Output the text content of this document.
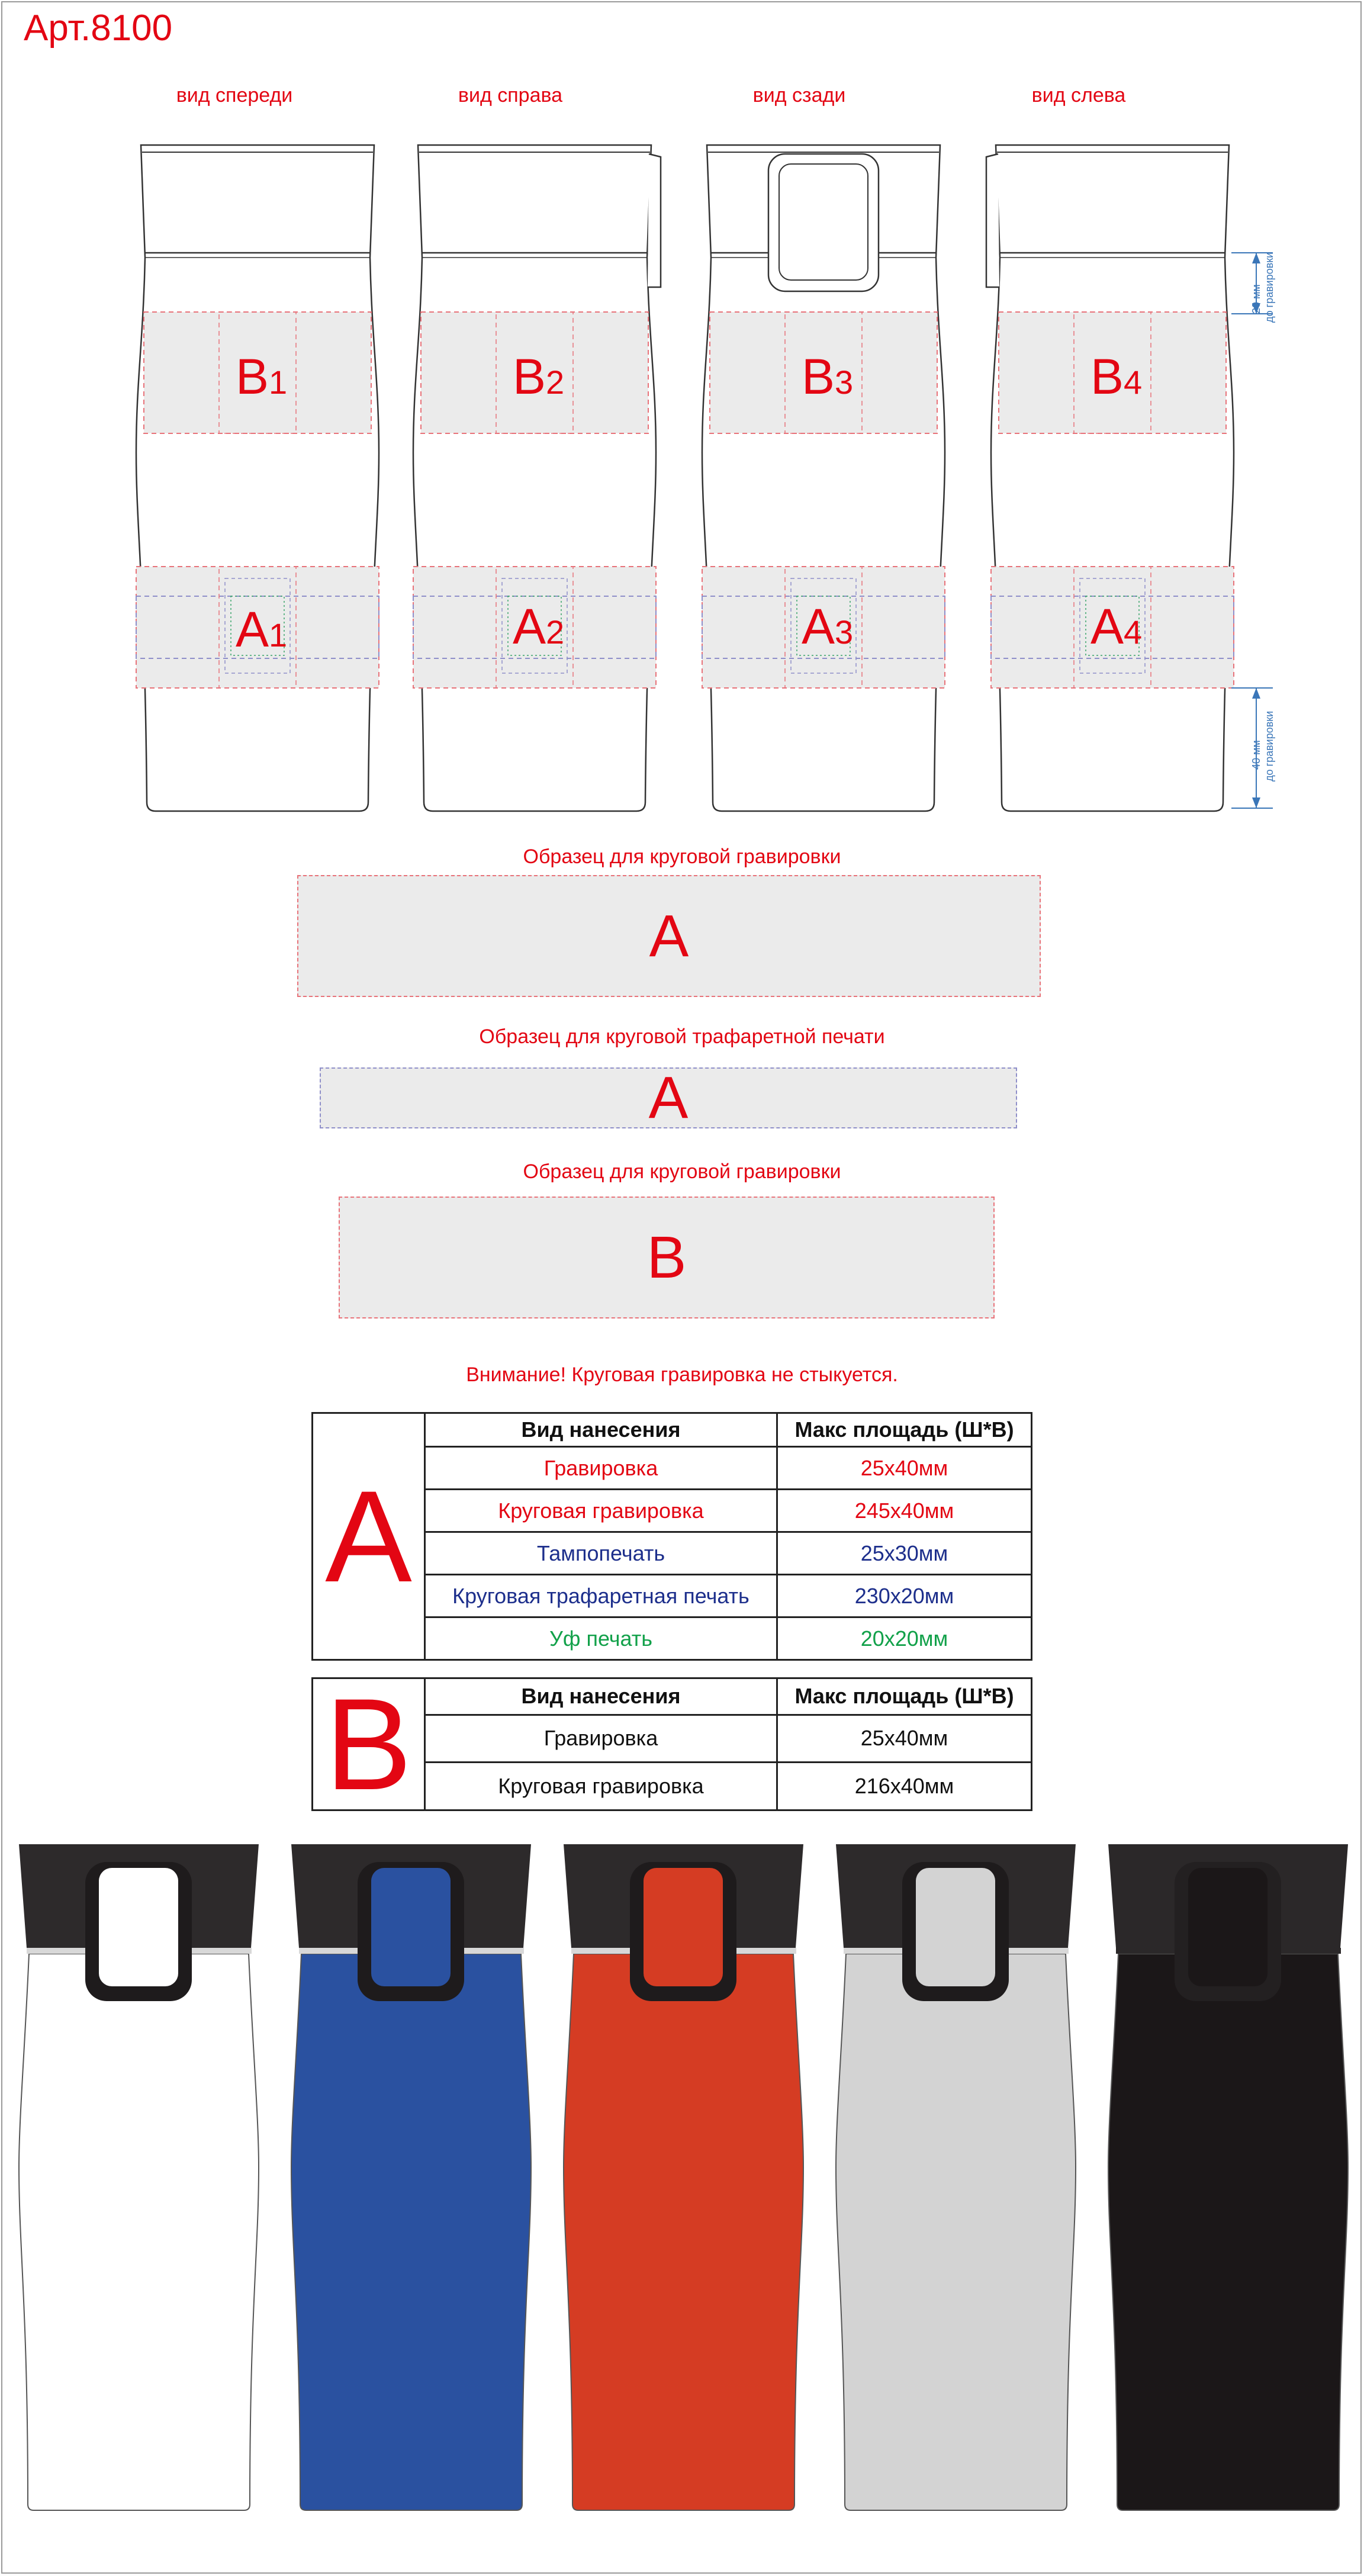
Арт.8100
вид спереди	вид справа	вид сзади	вид слева
B1	B2	B3	B4
A1	A2	A3	A4
20 мм до гравировки
40 мм до гравировки
Образец для круговой гравировки
A
Образец для круговой трафаретной печати
A
Образец для круговой гравировки
B
Внимание! Круговая гравировка не стыкуется.
A	Вид нанесения	Макс площадь (Ш*В)
	Гравировка	25х40мм
	Круговая гравировка	245х40мм
	Тампопечать	25х30мм
	Круговая трафаретная печать	230х20мм
	Уф печать	20х20мм
B	Вид нанесения	Макс площадь (Ш*В)
	Гравировка	25х40мм
	Круговая гравировка	216х40мм
